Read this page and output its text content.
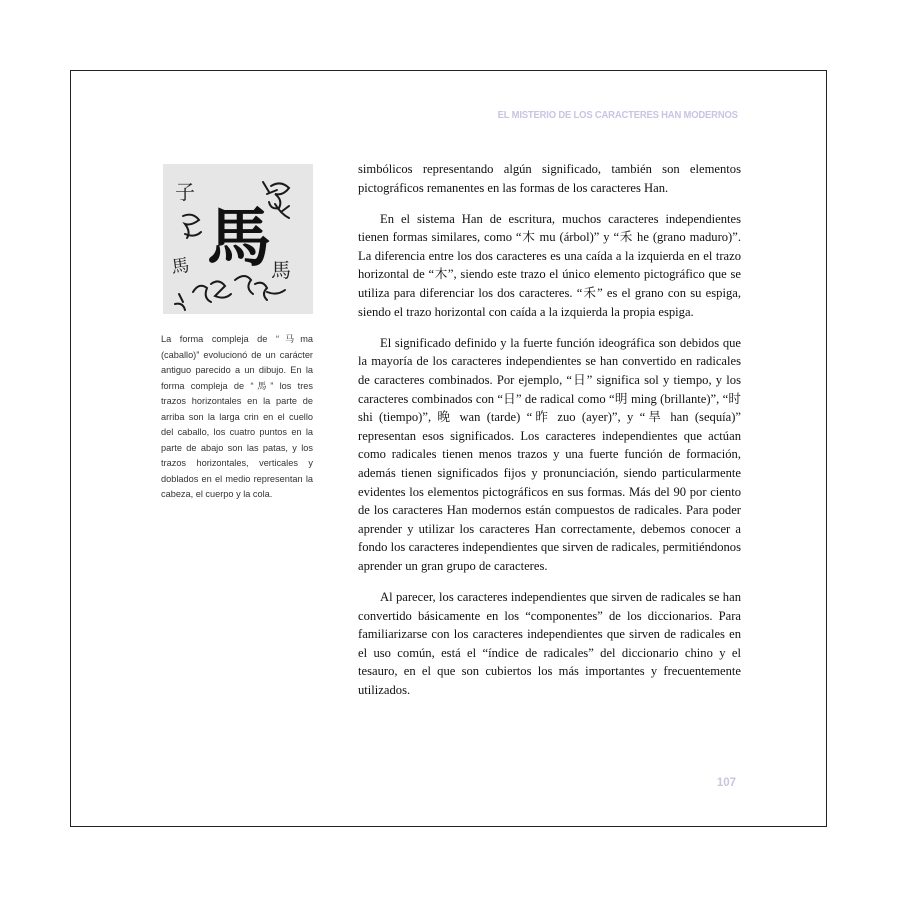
EL MISTERIO DE LOS CARACTERES HAN MODERNOS
子
馬 馬
馬
La forma compleja de “马ma (caballo)” evolucionó de un carácter antiguo parecido a un dibujo. En la forma compleja de “馬” los tres trazos horizontales en la parte de arriba son la larga crin en el cuello del caballo, los cuatro puntos en la parte de abajo son las patas, y los trazos horizontales, verticales y doblados en el medio representan la cabeza, el cuerpo y la cola.

simbólicos representando algún significado, también son elementos pictográficos remanentes en las formas de los caracteres Han.

En el sistema Han de escritura, muchos caracteres independientes tienen formas similares, como “木 mu (árbol)” y “禾 he (grano maduro)”. La diferencia entre los dos caracteres es una caída a la izquierda en el trazo horizontal de “木”, siendo este trazo el único elemento pictográfico que se utiliza para diferenciar los dos caracteres. “禾” es el grano con su espiga, siendo el trazo horizontal con caída a la izquierda la propia espiga.

El significado definido y la fuerte función ideográfica son debidos que la mayoría de los caracteres independientes se han convertido en radicales de caracteres combinados. Por ejemplo, “日” significa sol y tiempo, y los caracteres combinados con “日” de radical como “明 ming (brillante)”, “时 shi (tiempo)”, 晚 wan (tarde) “昨 zuo (ayer)”, y “旱 han (sequía)” representan esos significados. Los caracteres independientes que actúan como radicales tienen menos trazos y una fuerte función de formación, además tienen significados fijos y pronunciación, siendo particularmente evidentes los elementos pictográficos en sus formas. Más del 90 por ciento de los caracteres Han modernos están compuestos de radicales. Para poder aprender y utilizar los caracteres Han correctamente, debemos conocer a fondo los caracteres independientes que sirven de radicales, permitiéndonos aprender un gran grupo de caracteres.

Al parecer, los caracteres independientes que sirven de radicales se han convertido básicamente en los “componentes” de los diccionarios. Para familiarizarse con los caracteres independientes que sirven de radicales en el uso común, está el “índice de radicales” del diccionario chino y el tesauro, en el que son cubiertos los más importantes y frecuentemente utilizados.

107
